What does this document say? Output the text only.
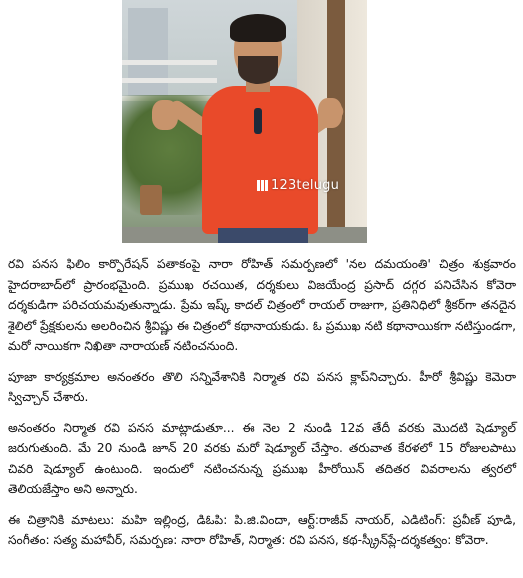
123telugu

రవి పనస ఫిలిం కార్పొరేషన్ పతాకంపై నారా రోహిత్ సమర్పణలో 'నల దమయంతి' చిత్రం శుక్రవారం హైదరాబాద్‌లో ప్రారంభమైంది. ప్రముఖ రచయిత, దర్శకులు విజయేంద్ర ప్రసాద్ దగ్గర పనిచేసిన కోవెరా దర్శకుడిగా పరిచయమవుతున్నాడు. ప్రేమ ఇష్క్ కాదల్ చిత్రంలో రాయల్ రాజుగా, ప్రతినిధిలో శ్రీకర్‌గా తనదైన శైలిలో ప్రేక్షకులను అలరించిన శ్రీవిష్ణు ఈ చిత్రంలో కథానాయకుడు. ఓ ప్రముఖ నటి కథానాయికగా నటిస్తుండగా, మరో నాయికగా నిఖితా నారాయణ్ నటించనుంది.

పూజా కార్యక్రమాల అనంతరం తొలి సన్నివేశానికి నిర్మాత రవి పనస క్లాప్‌నిచ్చారు. హీరో శ్రీవిష్ణు కెమెరా స్విచ్చాన్ చేశారు.

అనంతరం నిర్మాత రవి పనస మాట్లాడుతూ... ఈ నెల 2 నుండి 12వ తేదీ వరకు మొదటి షెడ్యూల్ జరుగుతుంది. మే 20 నుండి జూన్ 20 వరకు మరో షెడ్యూల్ చేస్తాం. తరువాత కేరళలో 15 రోజులపాటు చివరి షెడ్యూల్ ఉంటుంది. ఇందులో నటించనున్న ప్రముఖ హీరోయిన్ తదితర వివరాలను త్వరలో తెలియజేస్తాం అని అన్నారు.

ఈ చిత్రానికి మాటలు: మహి ఇల్లింద్ర, డిఓపి: పి.జి.విందా, ఆర్ట్:రాజీవ్ నాయర్, ఎడిటింగ్: ప్రవీణ్ పూడి, సంగీతం: సత్య మహావీర్, సమర్పణ: నారా రోహిత్, నిర్మాత: రవి పనస, కథ-స్క్రీన్‌ప్లే-దర్శకత్వం: కోవెరా.
